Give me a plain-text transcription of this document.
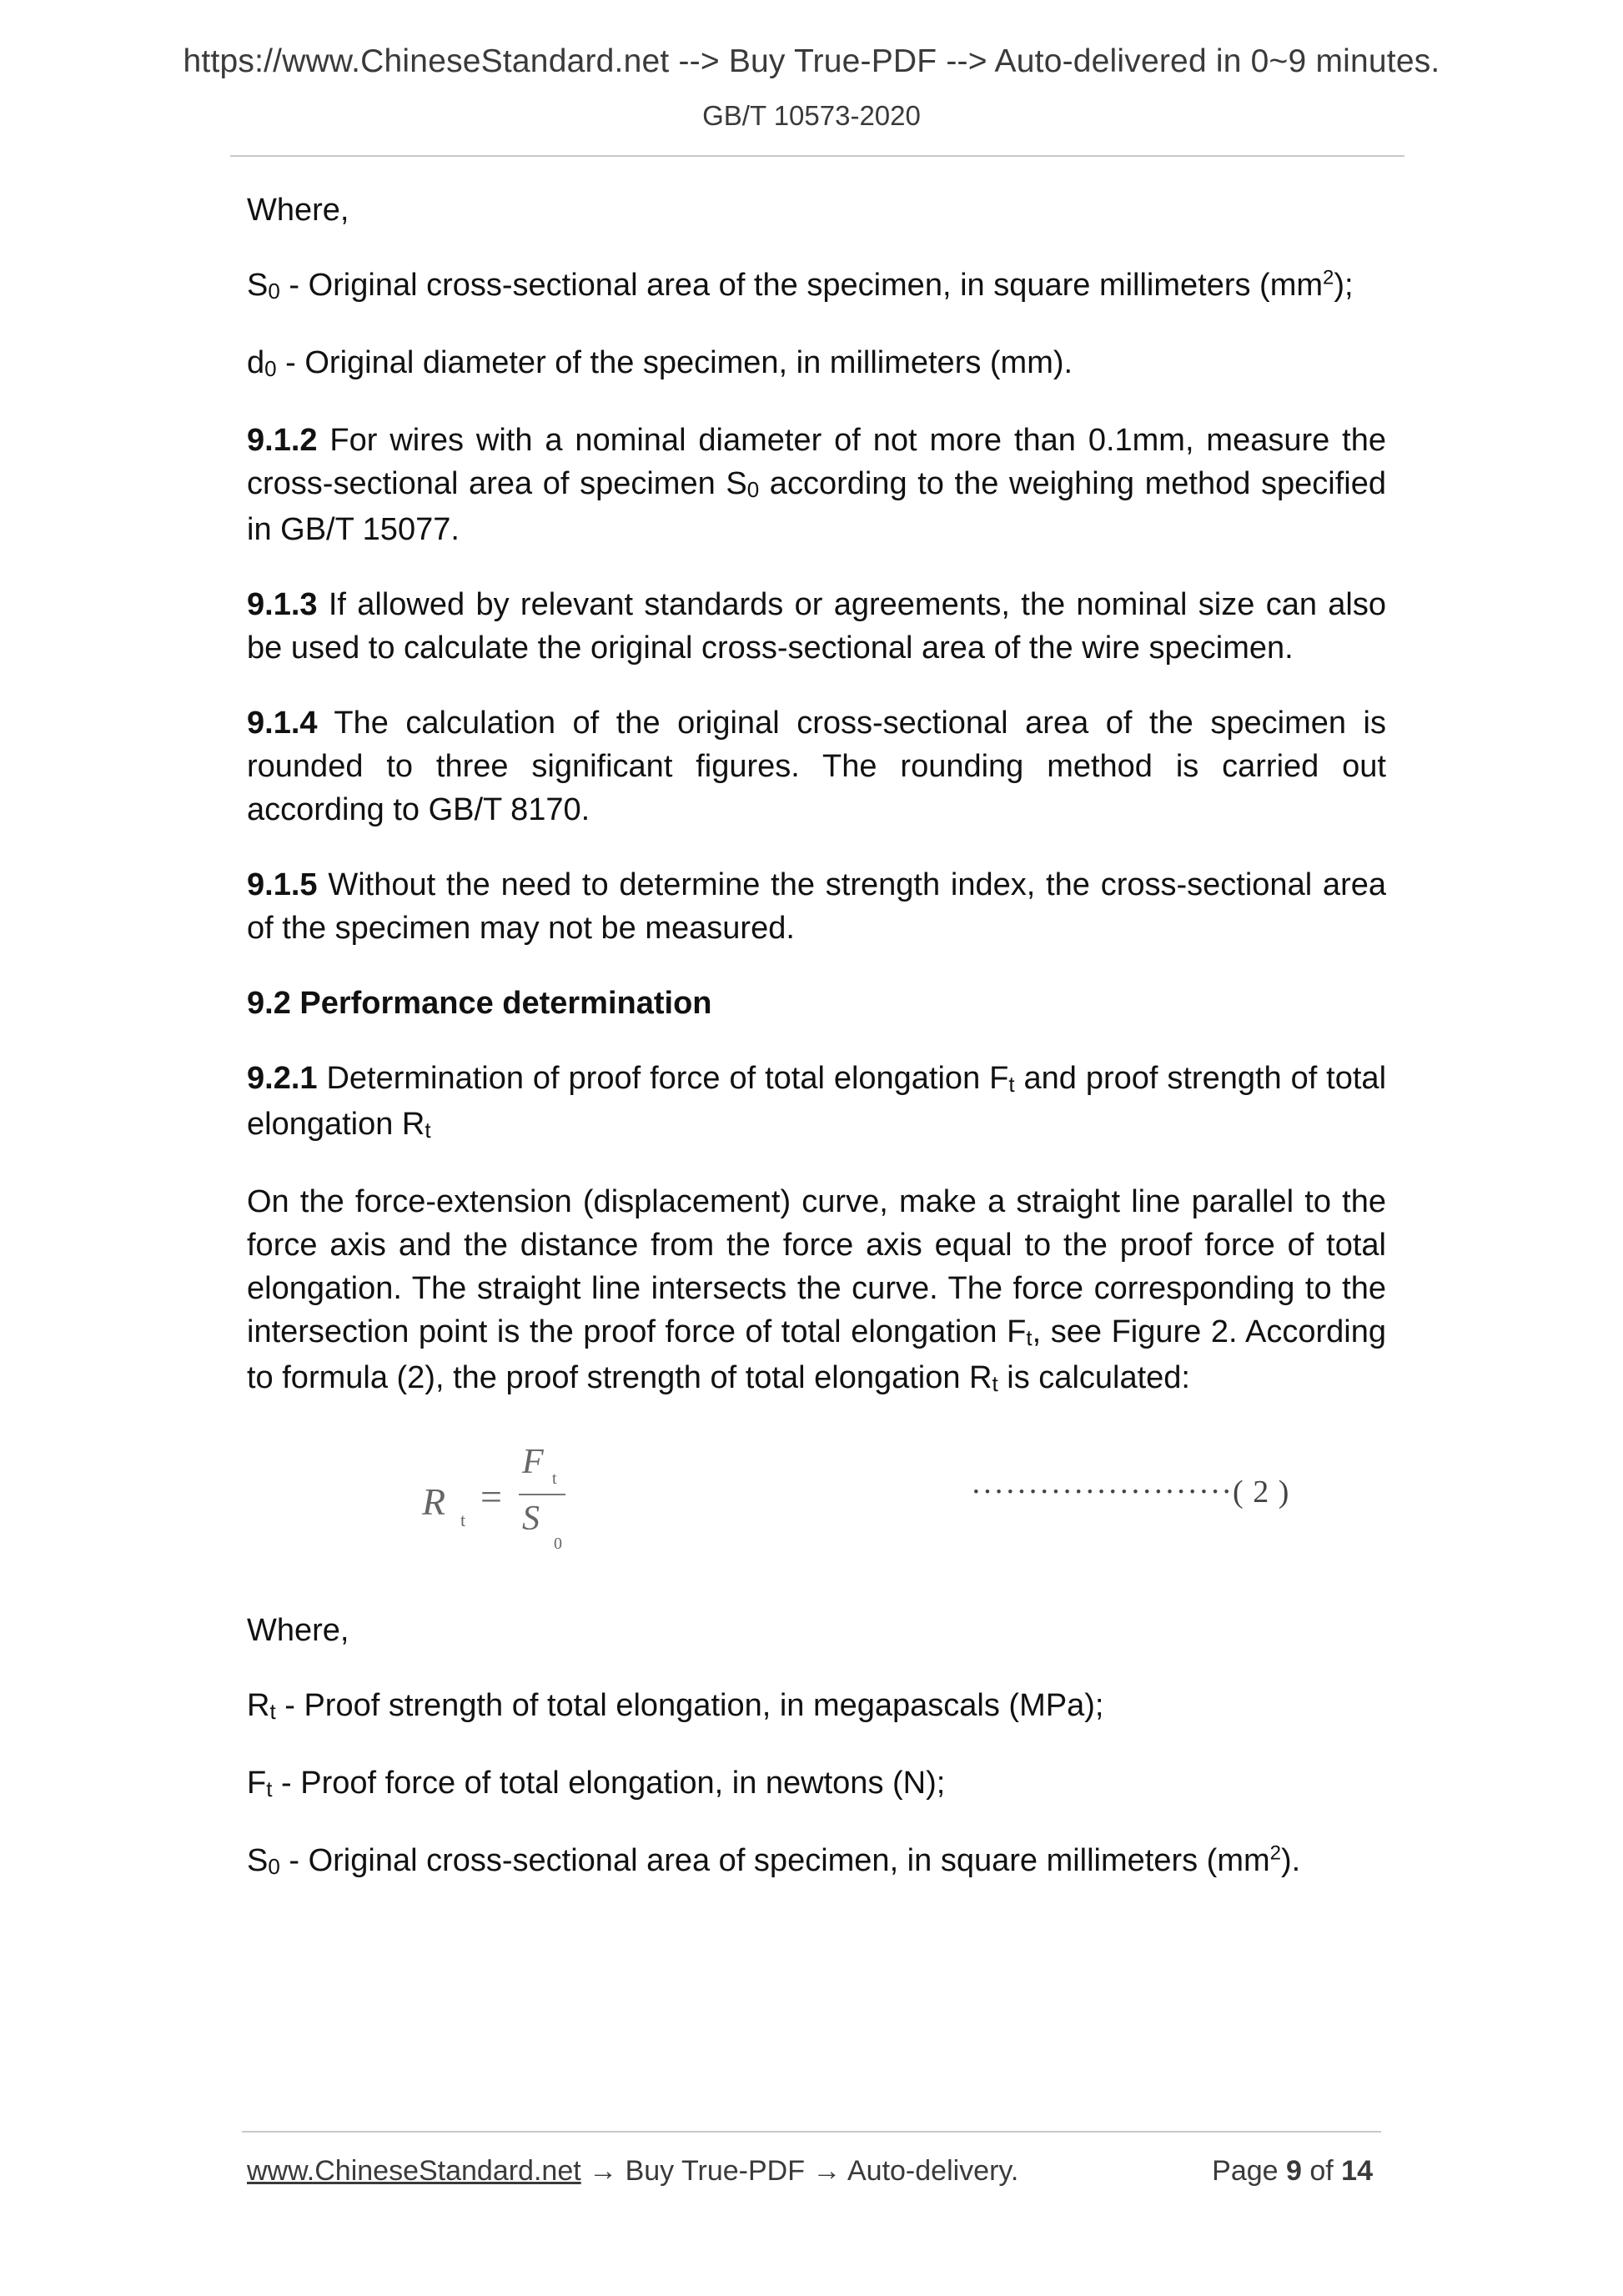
https://www.ChineseStandard.net --> Buy True-PDF --> Auto-delivered in 0~9 minutes.
GB/T 10573-2020

Where,

S0 - Original cross-sectional area of the specimen, in square millimeters $(mm^2)$;

d0 - Original diameter of the specimen, in millimeters (mm).

9.1.2 For wires with a nominal diameter of not more than 0.1mm, measure the cross-sectional area of specimen S0 according to the weighing method specified in GB/T 15077.

9.1.3 If allowed by relevant standards or agreements, the nominal size can also be used to calculate the original cross-sectional area of the wire specimen.

9.1.4 The calculation of the original cross-sectional area of the specimen is rounded to three significant figures. The rounding method is carried out according to GB/T 8170.

9.1.5 Without the need to determine the strength index, the cross-sectional area of the specimen may not be measured.

9.2 Performance determination

9.2.1 Determination of proof force of total elongation Ft and proof strength of total elongation Rt

On the force-extension (displacement) curve, make a straight line parallel to the force axis and the distance from the force axis equal to the proof force of total elongation. The straight line intersects the curve. The force corresponding to the intersection point is the proof force of total elongation Ft, see Figure 2. According to formula (2), the proof strength of total elongation Rt is calculated:

R t
=
F t
S
0
·······················( 2 )

Where,

Rt - Proof strength of total elongation, in megapascals (MPa);

Ft - Proof force of total elongation, in newtons (N);

S0 - Original cross-sectional area of specimen, in square millimeters $(mm^2)$.

www.ChineseStandard.net → Buy True-PDF → Auto-delivery.	Page 9 of 14
